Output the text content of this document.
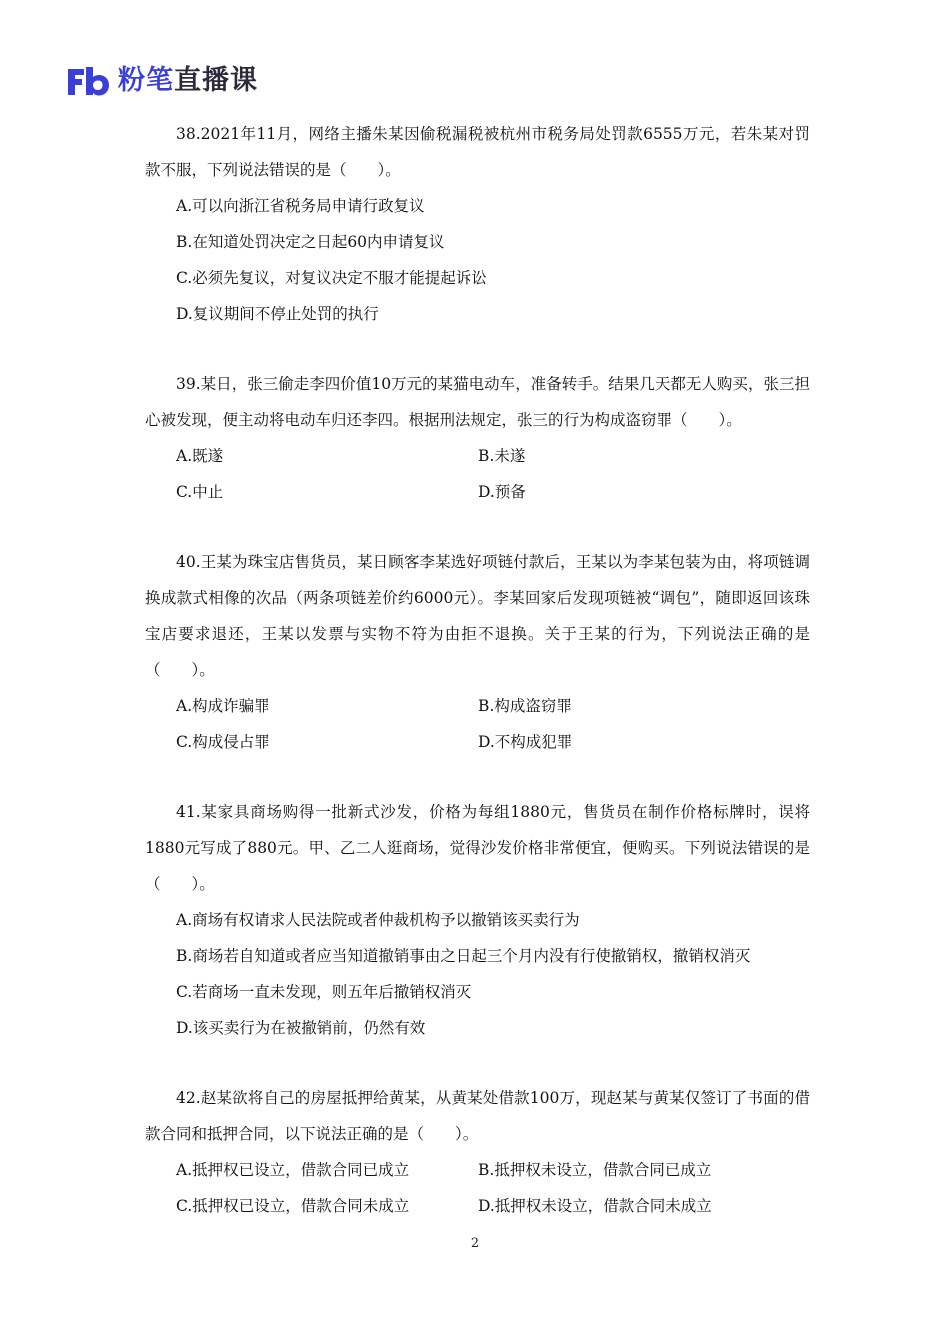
粉笔直播课

38.2021年11月，网络主播朱某因偷税漏税被杭州市税务局处罚款6555万元，若朱某对罚款不服，下列说法错误的是（　　）。

A.可以向浙江省税务局申请行政复议

B.在知道处罚决定之日起60内申请复议

C.必须先复议，对复议决定不服才能提起诉讼

D.复议期间不停止处罚的执行

39.某日，张三偷走李四价值10万元的某猫电动车，准备转手。结果几天都无人购买，张三担心被发现，便主动将电动车归还李四。根据刑法规定，张三的行为构成盗窃罪（　　）。

A.既遂	B.未遂
C.中止	D.预备

40.王某为珠宝店售货员，某日顾客李某选好项链付款后，王某以为李某包装为由，将项链调换成款式相像的次品（两条项链差价约6000元）。李某回家后发现项链被“调包”，随即返回该珠宝店要求退还，王某以发票与实物不符为由拒不退换。关于王某的行为，下列说法正确的是（　　）。

A.构成诈骗罪	B.构成盗窃罪
C.构成侵占罪	D.不构成犯罪

41.某家具商场购得一批新式沙发，价格为每组1880元，售货员在制作价格标牌时，误将1880元写成了880元。甲、乙二人逛商场，觉得沙发价格非常便宜，便购买。下列说法错误的是（　　）。

A.商场有权请求人民法院或者仲裁机构予以撤销该买卖行为

B.商场若自知道或者应当知道撤销事由之日起三个月内没有行使撤销权，撤销权消灭

C.若商场一直未发现，则五年后撤销权消灭

D.该买卖行为在被撤销前，仍然有效

42.赵某欲将自己的房屋抵押给黄某，从黄某处借款100万，现赵某与黄某仅签订了书面的借款合同和抵押合同，以下说法正确的是（　　）。

A.抵押权已设立，借款合同已成立	B.抵押权未设立，借款合同已成立
C.抵押权已设立，借款合同未成立	D.抵押权未设立，借款合同未成立
2
